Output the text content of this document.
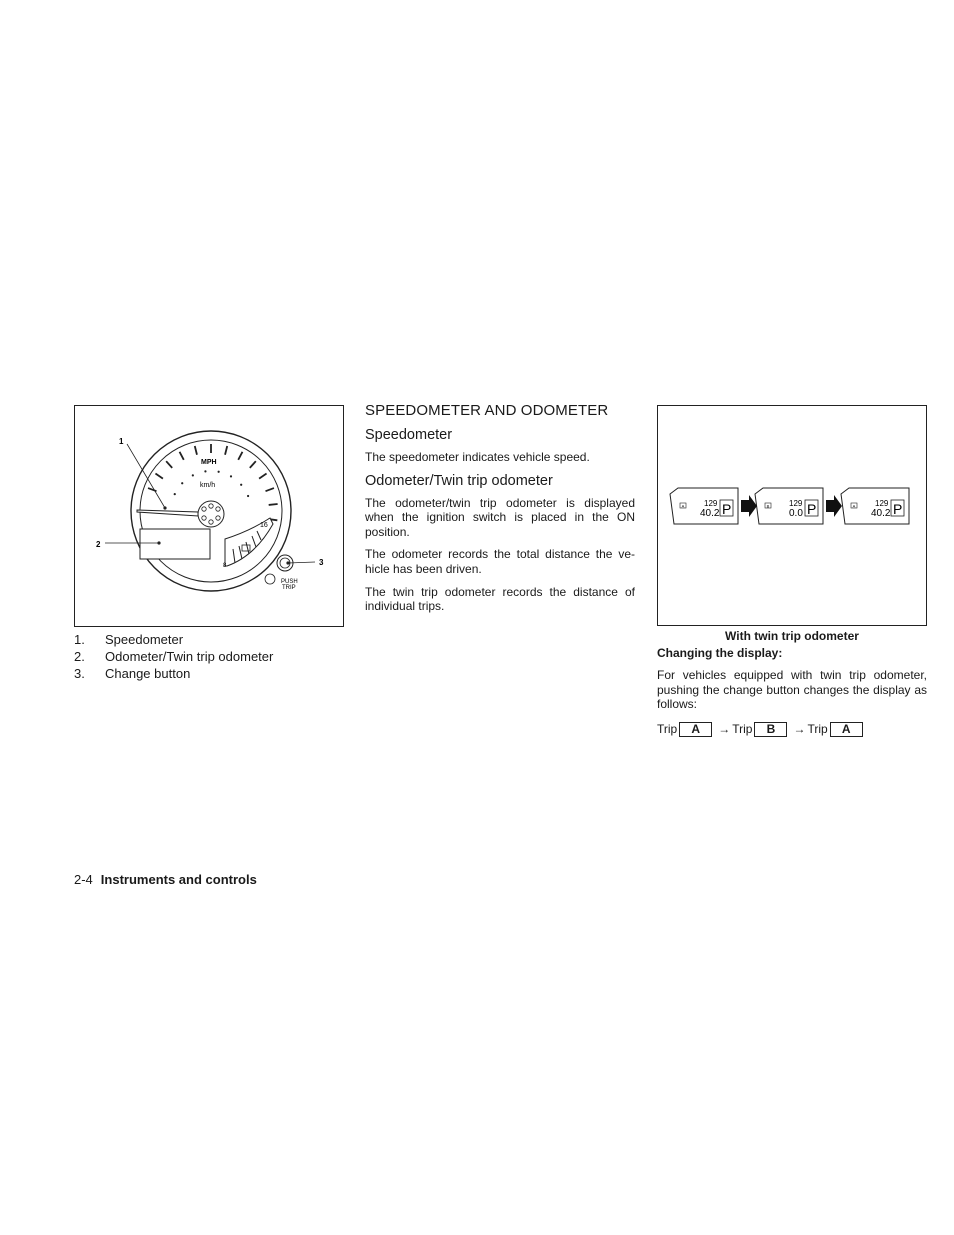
16
8
MPH
km/h
PUSH
TRIP
1
2
3
1.	Speedometer
2.	Odometer/Twin trip odometer
3.	Change button
SPEEDOMETER AND ODOMETER
Speedometer
The speedometer indicates vehicle speed.
Odometer/Twin trip odometer
The odometer/twin trip odometer is displayed when the ignition switch is placed in the ON position.
The odometer records the total distance the ve-hicle has been driven.
The twin trip odometer records the distance of individual trips.
A 129
40.2 P	B 129
0.0 P	A 129
40.2 P
With twin trip odometer
Changing the display:
For vehicles equipped with twin trip odometer, pushing the change button changes the display as follows:
Trip	A	→ Trip	B	→ Trip	A
2-4 Instruments and controls
